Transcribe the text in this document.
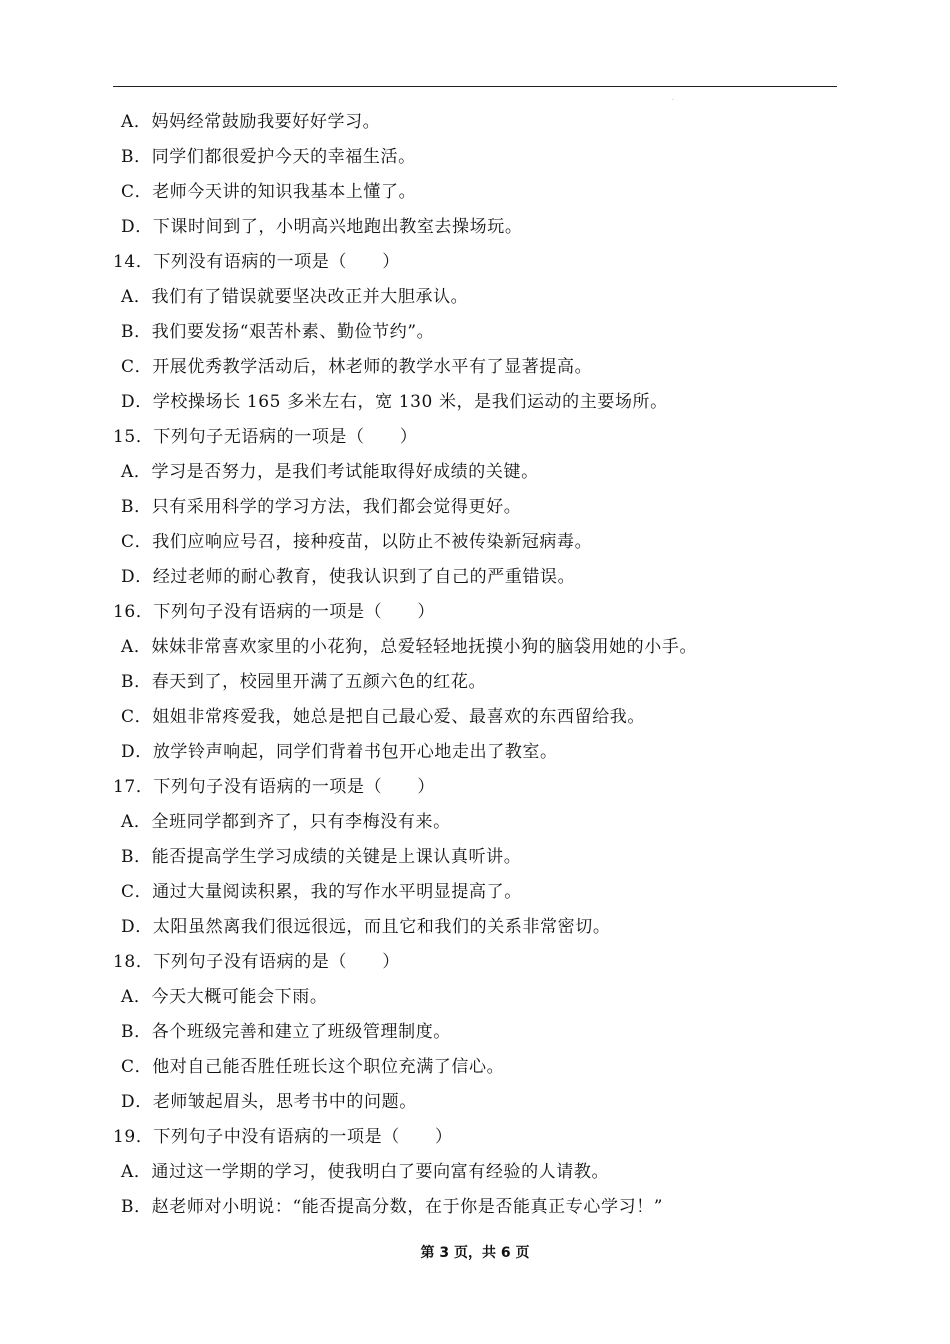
·
A．妈妈经常鼓励我要好好学习。
B．同学们都很爱护今天的幸福生活。
C．老师今天讲的知识我基本上懂了。
D．下课时间到了，小明高兴地跑出教室去操场玩。
14．下列没有语病的一项是（　　）
A．我们有了错误就要坚决改正并大胆承认。
B．我们要发扬“艰苦朴素、勤俭节约”。
C．开展优秀教学活动后，林老师的教学水平有了显著提高。
D．学校操场长 165 多米左右，宽 130 米，是我们运动的主要场所。
15．下列句子无语病的一项是（　　）
A．学习是否努力，是我们考试能取得好成绩的关键。
B．只有采用科学的学习方法，我们都会觉得更好。
C．我们应响应号召，接种疫苗，以防止不被传染新冠病毒。
D．经过老师的耐心教育，使我认识到了自己的严重错误。
16．下列句子没有语病的一项是（　　）
A．妹妹非常喜欢家里的小花狗，总爱轻轻地抚摸小狗的脑袋用她的小手。
B．春天到了，校园里开满了五颜六色的红花。
C．姐姐非常疼爱我，她总是把自己最心爱、最喜欢的东西留给我。
D．放学铃声响起，同学们背着书包开心地走出了教室。
17．下列句子没有语病的一项是（　　）
A．全班同学都到齐了，只有李梅没有来。
B．能否提高学生学习成绩的关键是上课认真听讲。
C．通过大量阅读积累，我的写作水平明显提高了。
D．太阳虽然离我们很远很远，而且它和我们的关系非常密切。
18．下列句子没有语病的是（　　）
A．今天大概可能会下雨。
B．各个班级完善和建立了班级管理制度。
C．他对自己能否胜任班长这个职位充满了信心。
D．老师皱起眉头，思考书中的问题。
19．下列句子中没有语病的一项是（　　）
A．通过这一学期的学习，使我明白了要向富有经验的人请教。
B．赵老师对小明说：“能否提高分数，在于你是否能真正专心学习！”
第 3 页，共 6 页
